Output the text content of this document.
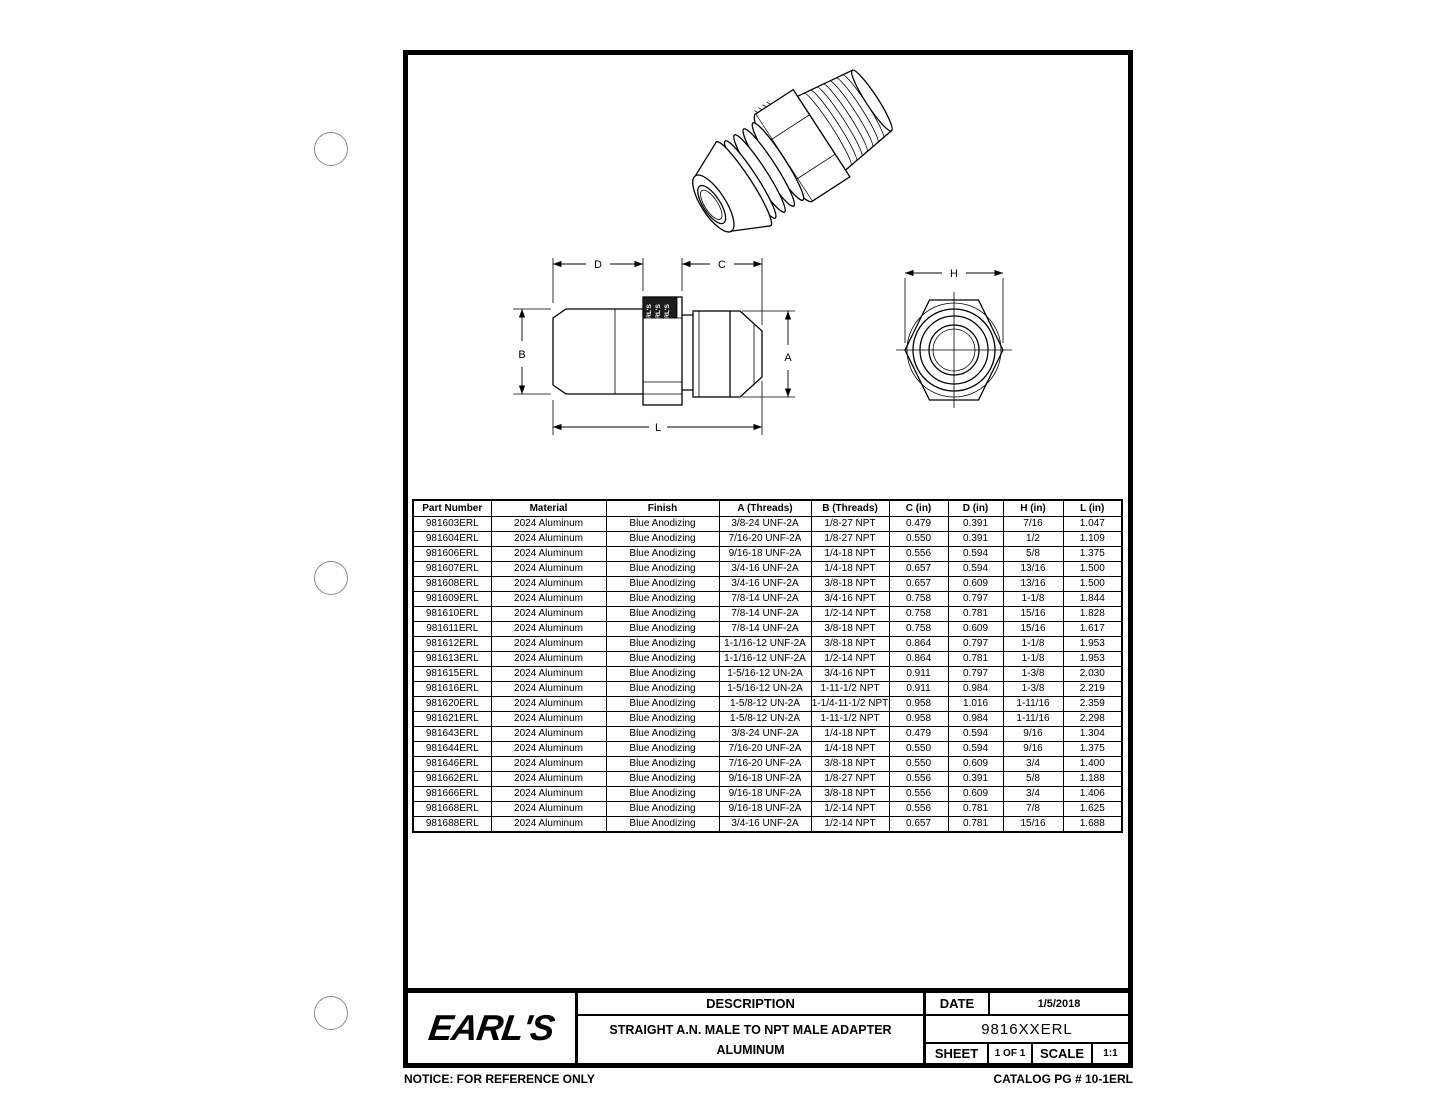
EARL'S EARL'S EARL'S
D	C
B	A
L
H
Part Number	Material	Finish	A (Threads)	B (Threads)	C (in)	D (in)	H (in)	L (in)
981603ERL	2024 Aluminum	Blue Anodizing	3/8-24 UNF-2A	1/8-27 NPT	0.479	0.391	7/16	1.047
981604ERL	2024 Aluminum	Blue Anodizing	7/16-20 UNF-2A	1/8-27 NPT	0.550	0.391	1/2	1.109
981606ERL	2024 Aluminum	Blue Anodizing	9/16-18 UNF-2A	1/4-18 NPT	0.556	0.594	5/8	1.375
981607ERL	2024 Aluminum	Blue Anodizing	3/4-16 UNF-2A	1/4-18 NPT	0.657	0.594	13/16	1.500
981608ERL	2024 Aluminum	Blue Anodizing	3/4-16 UNF-2A	3/8-18 NPT	0.657	0.609	13/16	1.500
981609ERL	2024 Aluminum	Blue Anodizing	7/8-14 UNF-2A	3/4-16 NPT	0.758	0.797	1-1/8	1.844
981610ERL	2024 Aluminum	Blue Anodizing	7/8-14 UNF-2A	1/2-14 NPT	0.758	0.781	15/16	1.828
981611ERL	2024 Aluminum	Blue Anodizing	7/8-14 UNF-2A	3/8-18 NPT	0.758	0.609	15/16	1.617
981612ERL	2024 Aluminum	Blue Anodizing	1-1/16-12 UNF-2A	3/8-18 NPT	0.864	0.797	1-1/8	1.953
981613ERL	2024 Aluminum	Blue Anodizing	1-1/16-12 UNF-2A	1/2-14 NPT	0.864	0.781	1-1/8	1.953
981615ERL	2024 Aluminum	Blue Anodizing	1-5/16-12 UN-2A	3/4-16 NPT	0.911	0.797	1-3/8	2.030
981616ERL	2024 Aluminum	Blue Anodizing	1-5/16-12 UN-2A	1-11-1/2 NPT	0.911	0.984	1-3/8	2.219
981620ERL	2024 Aluminum	Blue Anodizing	1-5/8-12 UN-2A	1-1/4-11-1/2 NPT	0.958	1.016	1-11/16	2.359
981621ERL	2024 Aluminum	Blue Anodizing	1-5/8-12 UN-2A	1-11-1/2 NPT	0.958	0.984	1-11/16	2.298
981643ERL	2024 Aluminum	Blue Anodizing	3/8-24 UNF-2A	1/4-18 NPT	0.479	0.594	9/16	1.304
981644ERL	2024 Aluminum	Blue Anodizing	7/16-20 UNF-2A	1/4-18 NPT	0.550	0.594	9/16	1.375
981646ERL	2024 Aluminum	Blue Anodizing	7/16-20 UNF-2A	3/8-18 NPT	0.550	0.609	3/4	1.400
981662ERL	2024 Aluminum	Blue Anodizing	9/16-18 UNF-2A	1/8-27 NPT	0.556	0.391	5/8	1.188
981666ERL	2024 Aluminum	Blue Anodizing	9/16-18 UNF-2A	3/8-18 NPT	0.556	0.609	3/4	1.406
981668ERL	2024 Aluminum	Blue Anodizing	9/16-18 UNF-2A	1/2-14 NPT	0.556	0.781	7/8	1.625
981688ERL	2024 Aluminum	Blue Anodizing	3/4-16 UNF-2A	1/2-14 NPT	0.657	0.781	15/16	1.688
EARL'S
DESCRIPTION
STRAIGHT A.N. MALE TO NPT MALE ADAPTER
ALUMINUM
DATE	1/5/2018
9816XXERL
SHEET	1 OF 1	SCALE	1:1
NOTICE: FOR REFERENCE ONLY	CATALOG PG # 10-1ERL
